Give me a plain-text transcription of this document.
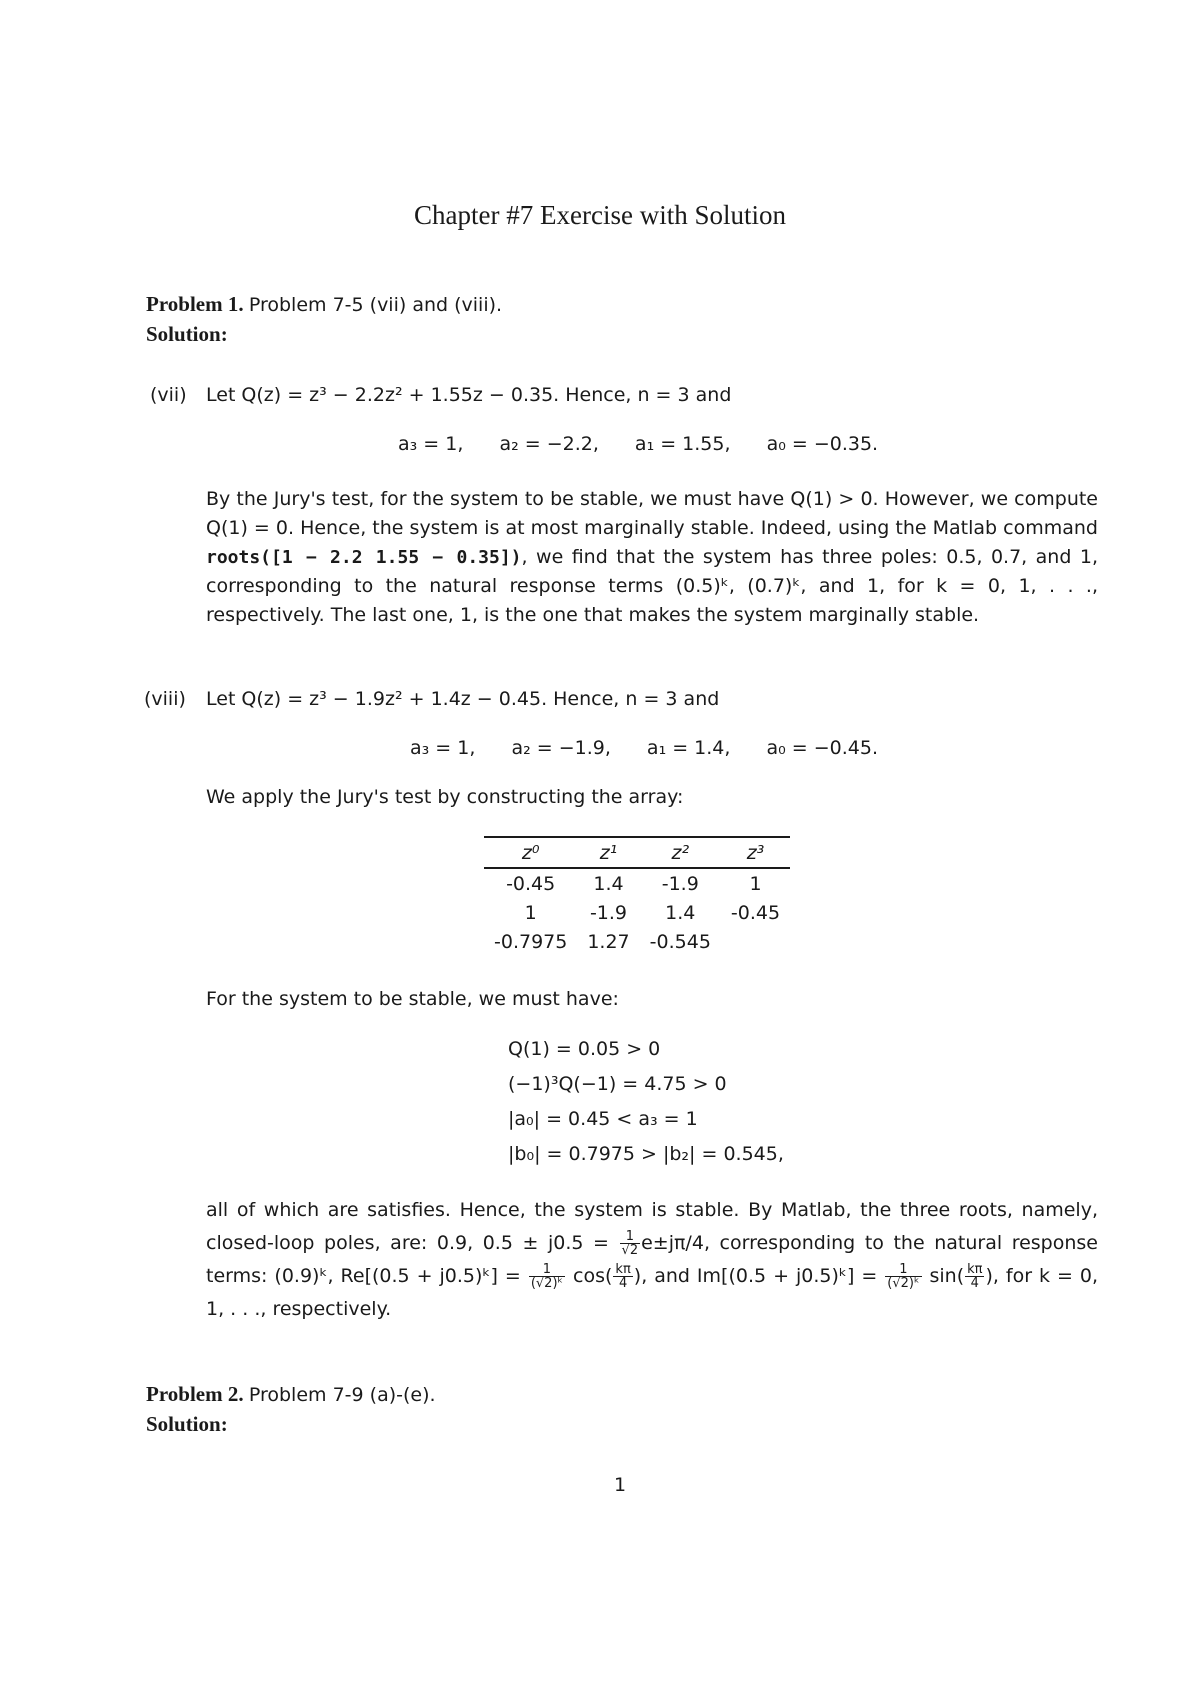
Chapter #7 Exercise with Solution
Problem 1. Problem 7-5 (vii) and (viii).
Solution:
(vii) Let Q(z) = z³ − 2.2z² + 1.55z − 0.35. Hence, n = 3 and
a₃ = 1, a₂ = −2.2, a₁ = 1.55, a₀ = −0.35.
By the Jury's test, for the system to be stable, we must have Q(1) > 0. However, we compute Q(1) = 0. Hence, the system is at most marginally stable. Indeed, using the Matlab command roots([1 − 2.2 1.55 − 0.35]), we find that the system has three poles: 0.5, 0.7, and 1, corresponding to the natural response terms (0.5)ᵏ, (0.7)ᵏ, and 1, for k = 0, 1, . . ., respectively. The last one, 1, is the one that makes the system marginally stable.
(viii) Let Q(z) = z³ − 1.9z² + 1.4z − 0.45. Hence, n = 3 and
a₃ = 1, a₂ = −1.9, a₁ = 1.4, a₀ = −0.45.
We apply the Jury's test by constructing the array:
z⁰	z¹	z²	z³
-0.45	1.4	-1.9	1
1	-1.9	1.4	-0.45
-0.7975	1.27	-0.545	
For the system to be stable, we must have:
Q(1) = 0.05 > 0
(−1)³Q(−1) = 4.75 > 0
|a₀| = 0.45 < a₃ = 1
|b₀| = 0.7975 > |b₂| = 0.545,
all of which are satisfies. Hence, the system is stable. By Matlab, the three roots, namely, closed-loop poles, are: 0.9, $0.5 \pm j0.5 = \frac{1}{√2} e\pm j\pi/4$, corresponding to the natural response terms: (0.9)ᵏ, Re[(0.5 + j0.5)ᵏ] = $\frac{1}{\text{(√2)ᵏ}} \cos( \frac{k\pi}{4}$ ), and Im[(0.5 + j0.5)ᵏ] = $\frac{1}{\text{(√2)ᵏ}} \sin( \frac{k\pi}{4}$ ), for k = 0, 1, . . ., respectively.
Problem 2. Problem 7-9 (a)-(e).
Solution:
1
